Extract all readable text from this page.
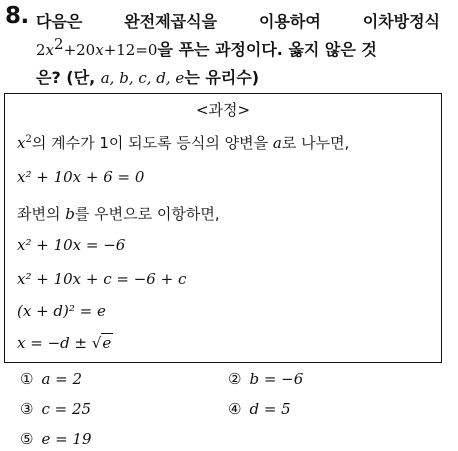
8. 다음은	완전제곱식을	이용하여	이차방정식
$2x^2+20x+12=0$을 푸는 과정이다. 옳지 않은 것
은? (단, a, b, c, d, e는 유리수)
<과정>
$x^2$의 계수가 1이 되도록 등식의 양변을 a로 나누면,
x² + 10x + 6 = 0
좌변의 b를 우변으로 이항하면,
x² + 10x = −6
x² + 10x + c = −6 + c
(x + d)² = e
x = −d ± √e
① a = 2	② b = −6
③ c = 25	④ d = 5
⑤ e = 19
